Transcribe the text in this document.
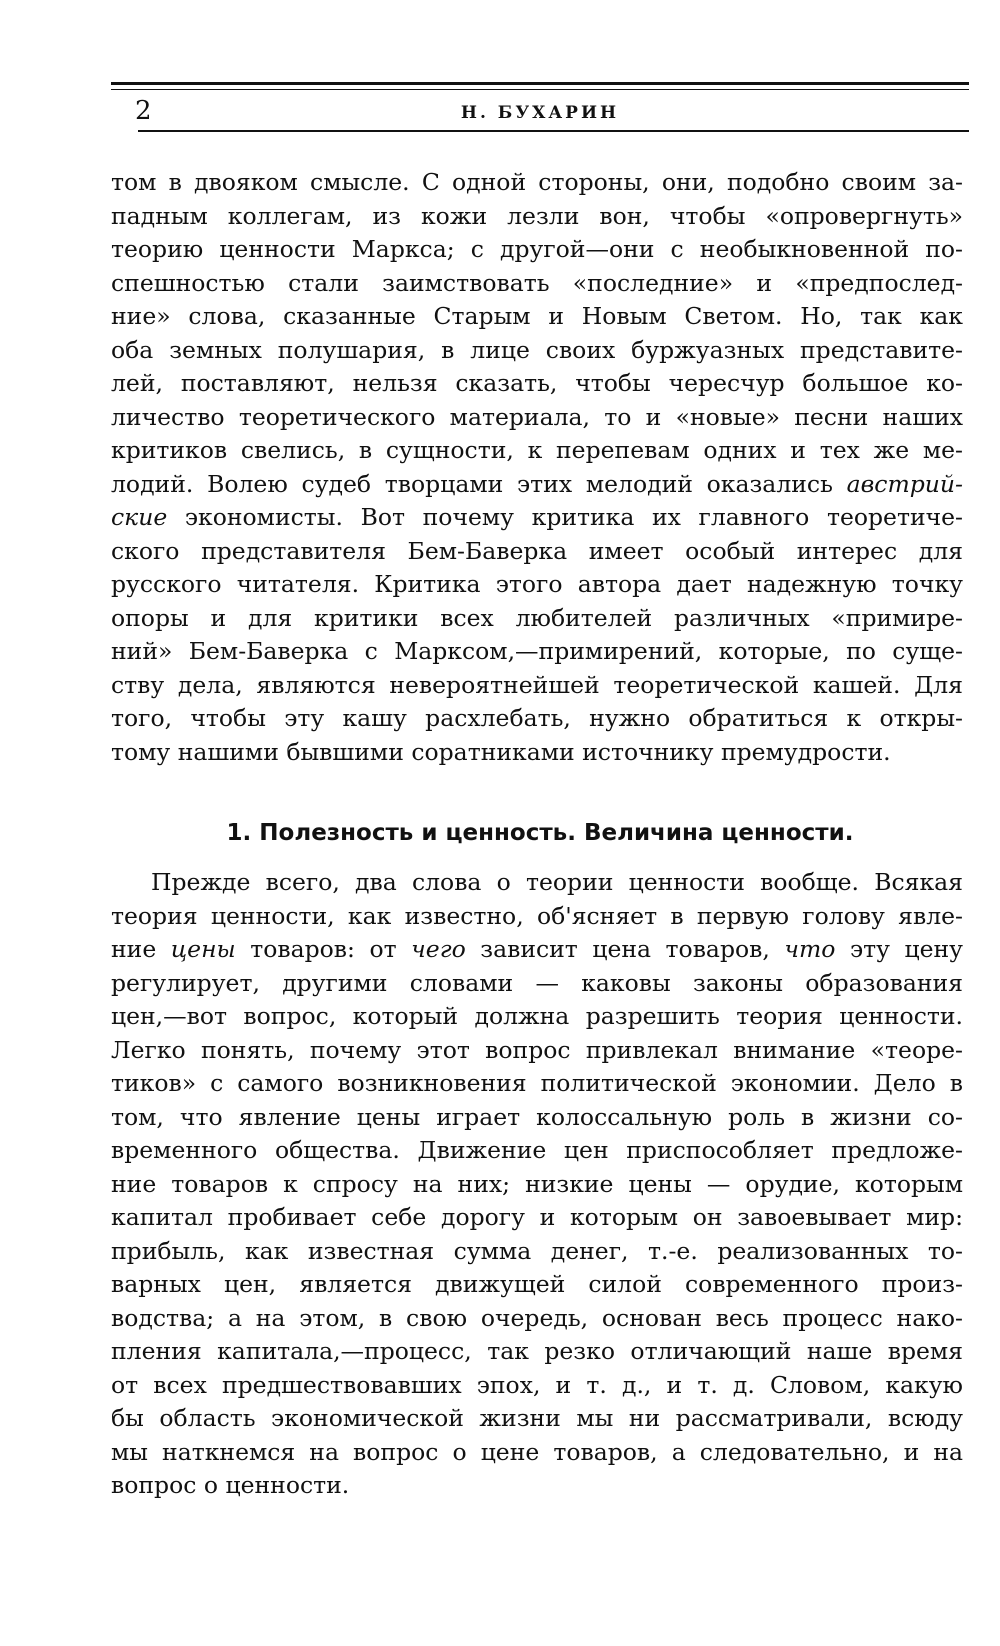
2	Н. БУХАРИН
том в двояком смысле. С одной стороны, они, подобно своим за-
падным коллегам, из кожи лезли вон, чтобы «опровергнуть»
теорию ценности Маркса; с другой—они с необыкновенной по-
спешностью стали заимствовать «последние» и «предпослед-
ние» слова, сказанные Старым и Новым Светом. Но, так как
оба земных полушария, в лице своих буржуазных представите-
лей, поставляют, нельзя сказать, чтобы чересчур большое ко-
личество теоретического материала, то и «новые» песни наших
критиков свелись, в сущности, к перепевам одних и тех же ме-
лодий. Волею судеб творцами этих мелодий оказались австрий-
ские экономисты. Вот почему критика их главного теоретиче-
ского представителя Бем-Баверка имеет особый интерес для
русского читателя. Критика этого автора дает надежную точку
опоры и для критики всех любителей различных «примире-
ний» Бем-Баверка с Марксом,—примирений, которые, по суще-
ству дела, являются невероятнейшей теоретической кашей. Для
того, чтобы эту кашу расхлебать, нужно обратиться к откры-
тому нашими бывшими соратниками источнику премудрости.
1. Полезность и ценность. Величина ценности.
Прежде всего, два слова о теории ценности вообще. Всякая
теория ценности, как известно, об'ясняет в первую голову явле-
ние цены товаров: от чего зависит цена товаров, что эту цену
регулирует, другими словами — каковы законы образования
цен,—вот вопрос, который должна разрешить теория ценности.
Легко понять, почему этот вопрос привлекал внимание «теоре-
тиков» с самого возникновения политической экономии. Дело в
том, что явление цены играет колоссальную роль в жизни со-
временного общества. Движение цен приспособляет предложе-
ние товаров к спросу на них; низкие цены — орудие, которым
капитал пробивает себе дорогу и которым он завоевывает мир:
прибыль, как известная сумма денег, т.-е. реализованных то-
варных цен, является движущей силой современного произ-
водства; а на этом, в свою очередь, основан весь процесс нако-
пления капитала,—процесс, так резко отличающий наше время
от всех предшествовавших эпох, и т. д., и т. д. Словом, какую
бы область экономической жизни мы ни рассматривали, всюду
мы наткнемся на вопрос о цене товаров, а следовательно, и на
вопрос о ценности.
